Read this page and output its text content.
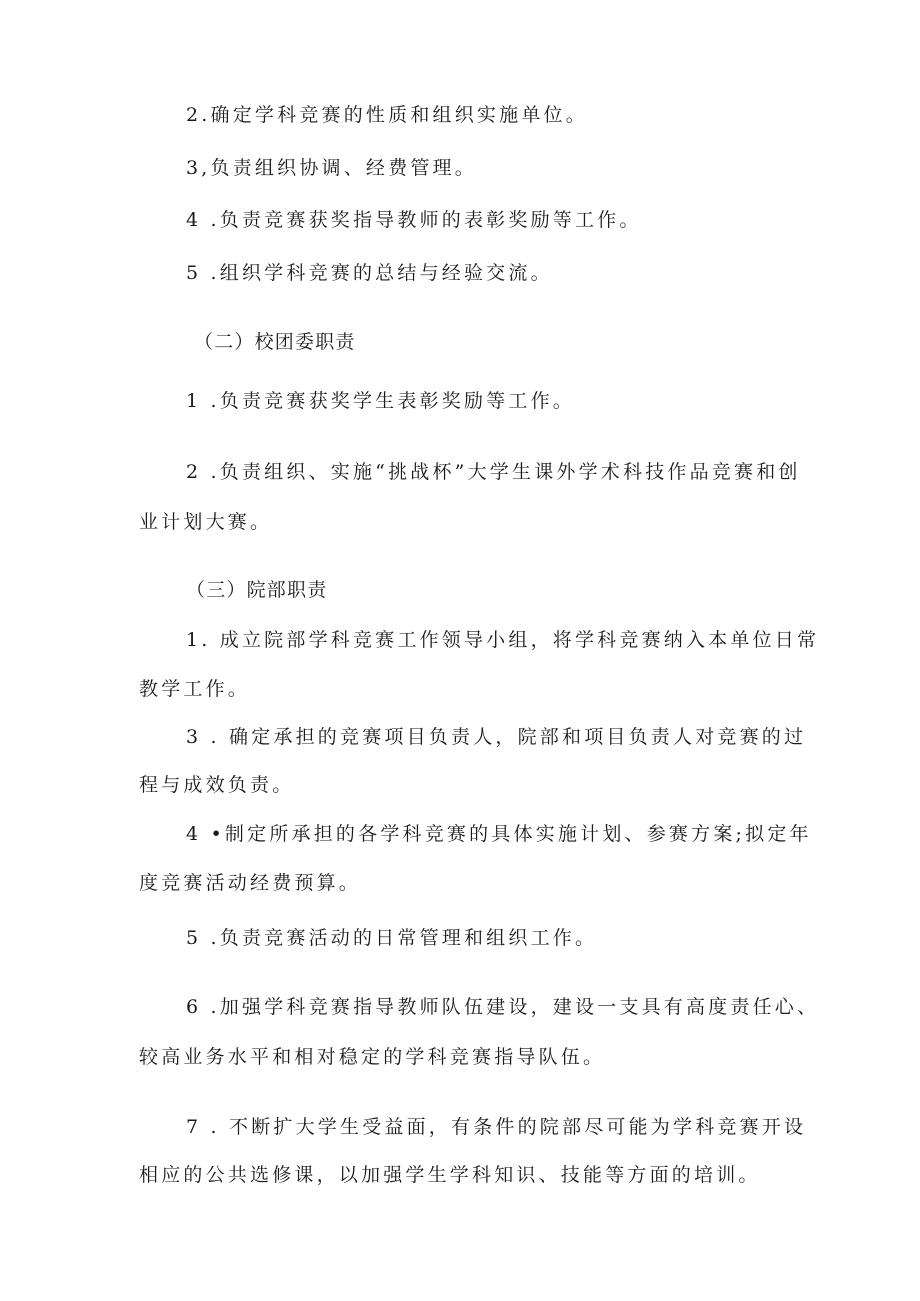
2.确定学科竞赛的性质和组织实施单位。
3,负责组织协调、经费管理。
4 .负责竞赛获奖指导教师的表彰奖励等工作。
5 .组织学科竞赛的总结与经验交流。
（二）校团委职责
1 .负责竞赛获奖学生表彰奖励等工作。
2 .负责组织、实施“挑战杯”大学生课外学术科技作品竞赛和创
业计划大赛。
（三）院部职责
1. 成立院部学科竞赛工作领导小组，将学科竞赛纳入本单位日常
教学工作。
3 . 确定承担的竞赛项目负责人，院部和项目负责人对竞赛的过
程与成效负责。
4 •制定所承担的各学科竞赛的具体实施计划、参赛方案;拟定年
度竞赛活动经费预算。
5 .负责竞赛活动的日常管理和组织工作。
6 .加强学科竞赛指导教师队伍建设，建设一支具有高度责任心、
较高业务水平和相对稳定的学科竞赛指导队伍。
7 . 不断扩大学生受益面，有条件的院部尽可能为学科竞赛开设
相应的公共选修课，以加强学生学科知识、技能等方面的培训。
